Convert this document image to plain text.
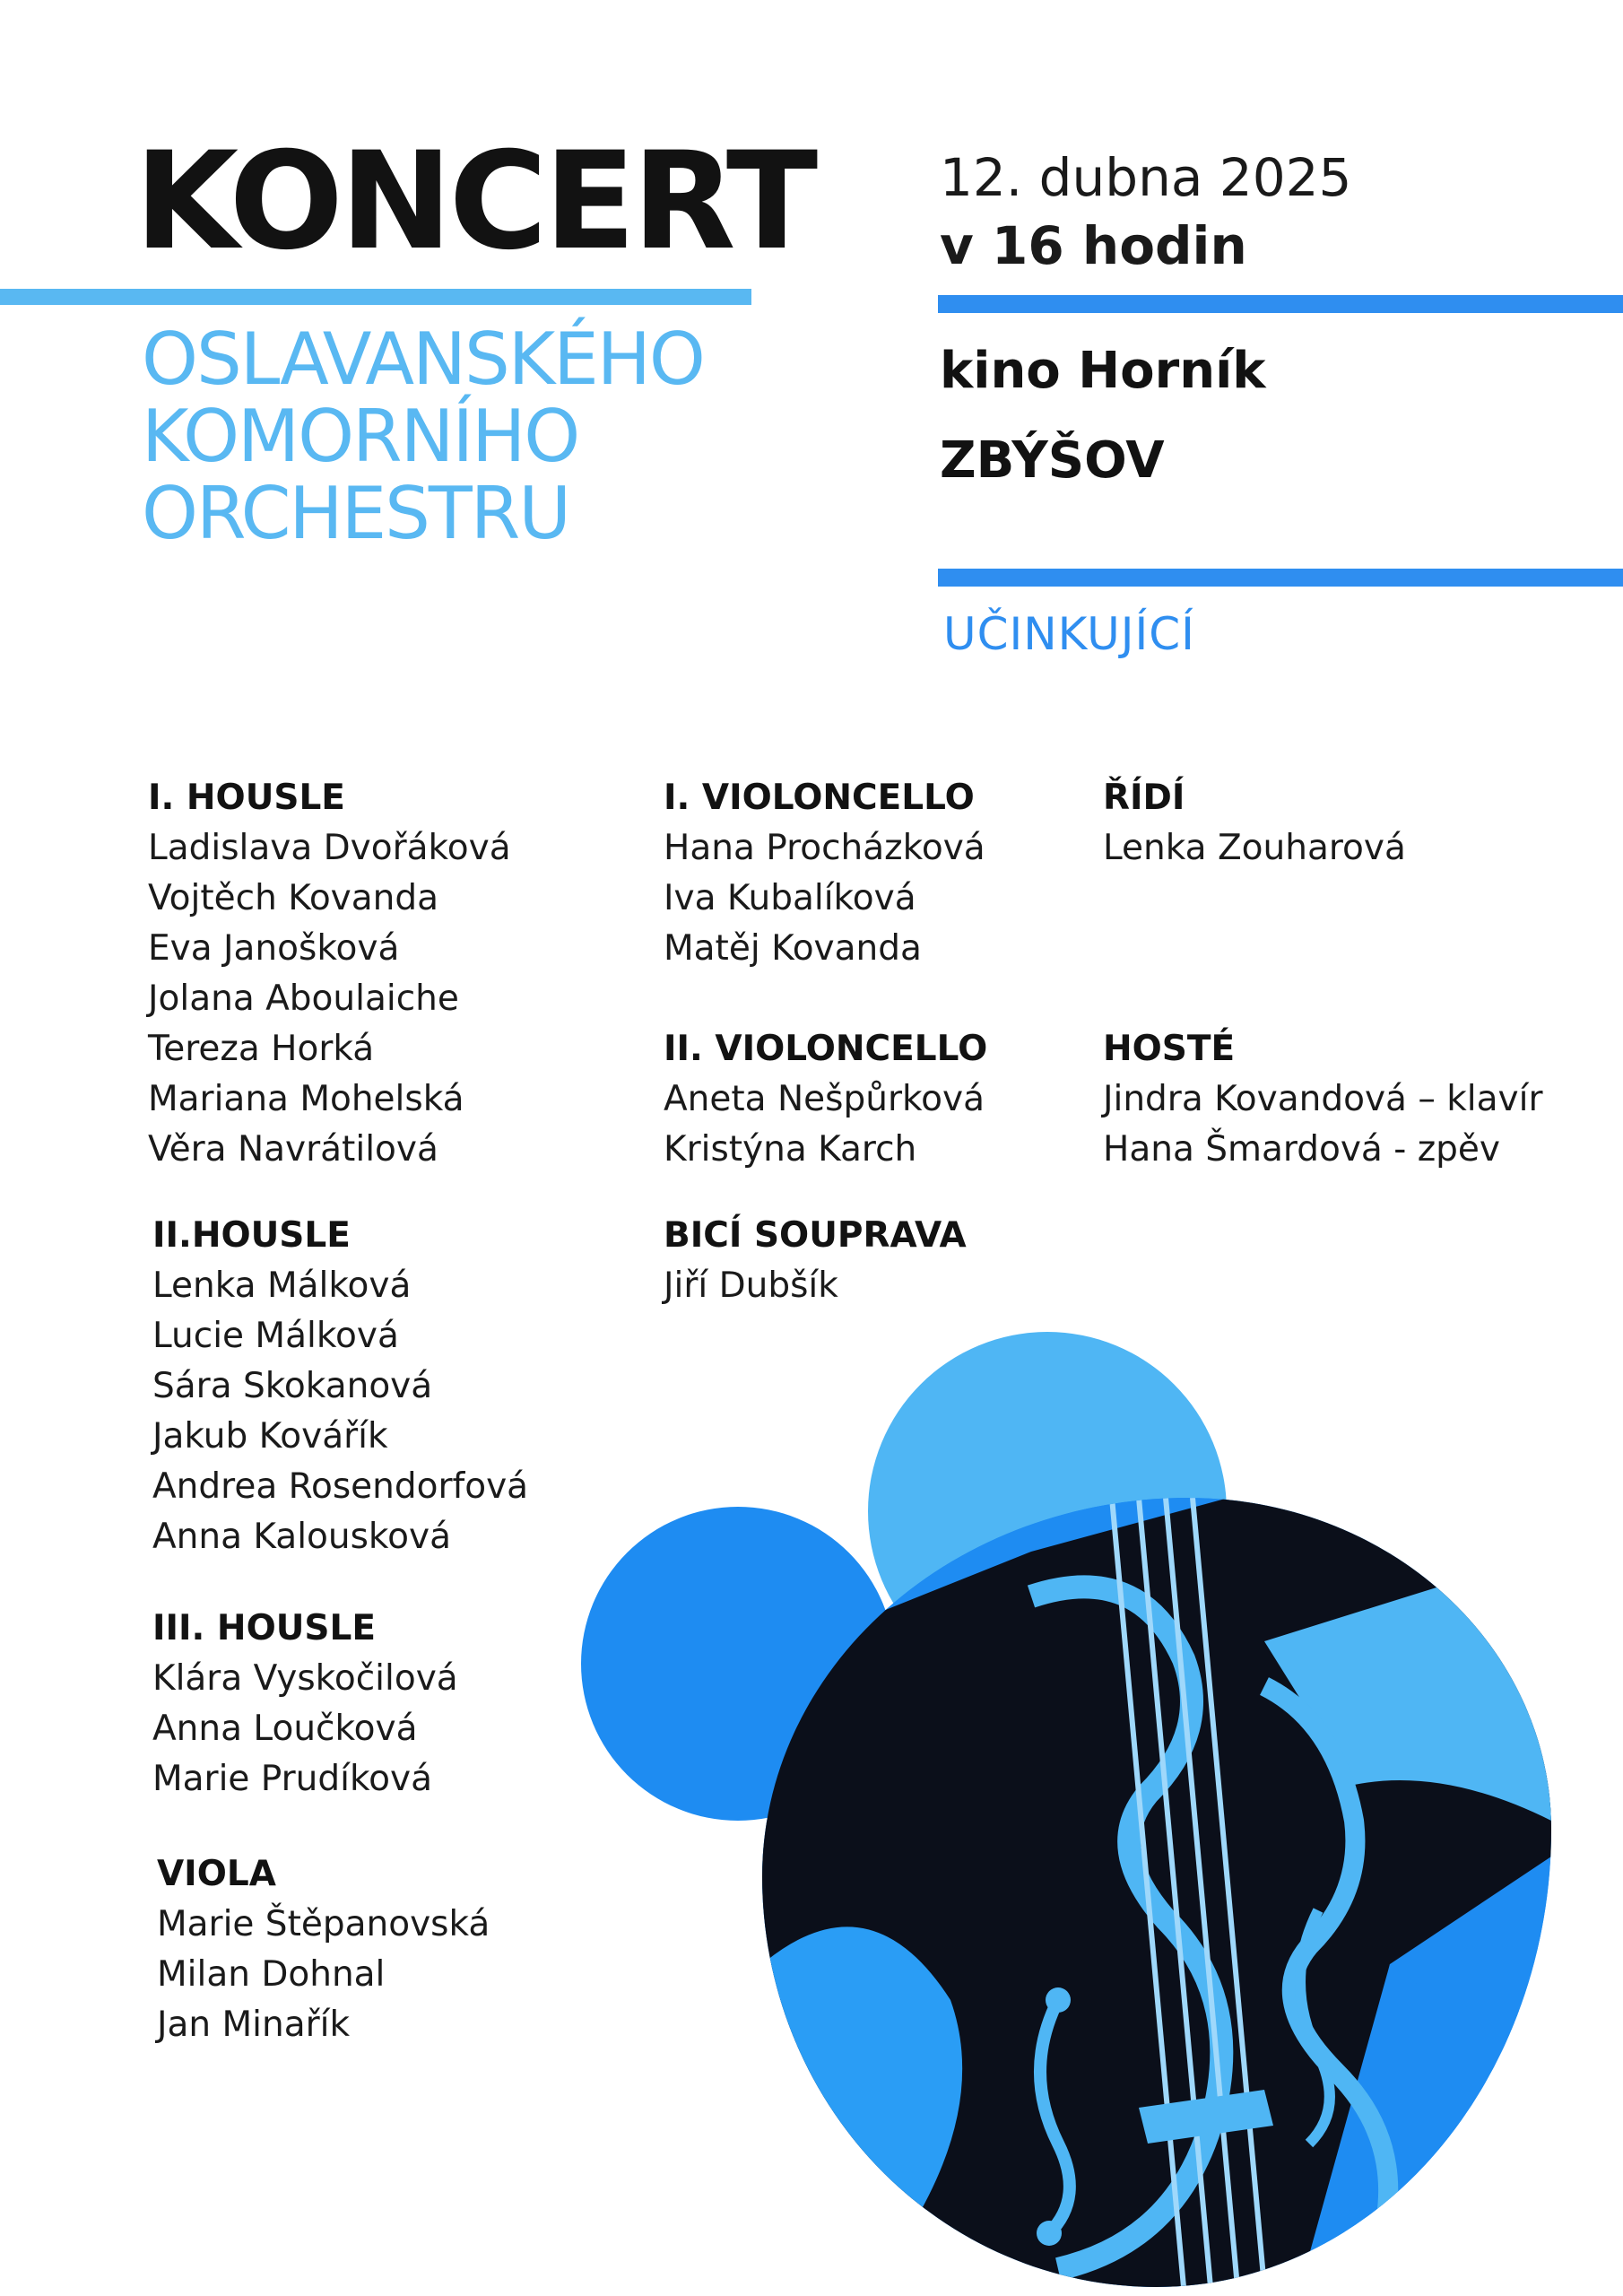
KONCERT
OSLAVANSKÉHO
KOMORNÍHO
ORCHESTRU
12. dubna 2025
v 16 hodin
kino Horník
ZBÝŠOV
UČINKUJÍCÍ
I. HOUSLE
Ladislava Dvořáková
Vojtěch Kovanda
Eva Janošková
Jolana Aboulaiche
Tereza Horká
Mariana Mohelská
Věra Navrátilová
II.HOUSLE
Lenka Málková
Lucie Málková
Sára Skokanová
Jakub Kovářík
Andrea Rosendorfová
Anna Kalousková
III. HOUSLE
Klára Vyskočilová
Anna Loučková
Marie Prudíková
VIOLA
Marie Štěpanovská
Milan Dohnal
Jan Minařík
I. VIOLONCELLO
Hana Procházková
Iva Kubalíková
Matěj Kovanda
II. VIOLONCELLO
Aneta Nešpůrková
Kristýna Karch
BICÍ SOUPRAVA
Jiří Dubšík
ŘÍDÍ
Lenka Zouharová
HOSTÉ
Jindra Kovandová – klavír
Hana Šmardová - zpěv
